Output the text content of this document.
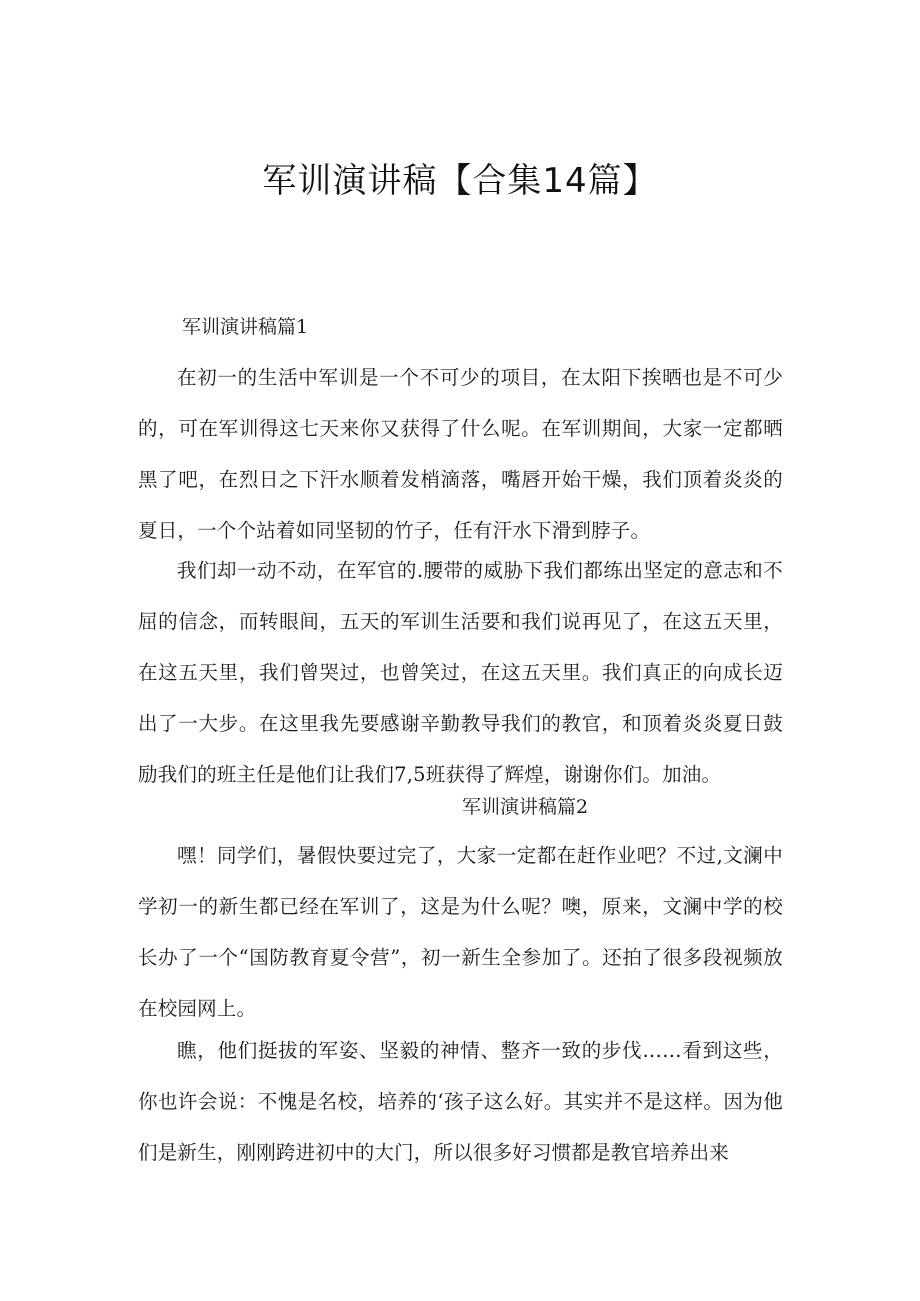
军训演讲稿【合集14篇】
军训演讲稿篇1

在初一的生活中军训是一个不可少的项目，在太阳下挨晒也是不可少的，可在军训得这七天来你又获得了什么呢。在军训期间，大家一定都晒黑了吧，在烈日之下汗水顺着发梢滴落，嘴唇开始干燥，我们顶着炎炎的夏日，一个个站着如同坚韧的竹子，任有汗水下滑到脖子。

我们却一动不动，在军官的.腰带的威胁下我们都练出坚定的意志和不屈的信念，而转眼间，五天的军训生活要和我们说再见了，在这五天里，在这五天里，我们曾哭过，也曾笑过，在这五天里。我们真正的向成长迈出了一大步。在这里我先要感谢辛勤教导我们的教官，和顶着炎炎夏日鼓励我们的班主任是他们让我们7,5班获得了辉煌，谢谢你们。加油。

军训演讲稿篇2

嘿！同学们，暑假快要过完了，大家一定都在赶作业吧？不过,文澜中学初一的新生都已经在军训了，这是为什么呢？噢，原来，文澜中学的校长办了一个“国防教育夏令营”，初一新生全参加了。还拍了很多段视频放在校园网上。

瞧，他们挺拔的军姿、坚毅的神情、整齐一致的步伐……看到这些，你也许会说：不愧是名校，培养的‘孩子这么好。其实并不是这样。因为他们是新生，刚刚跨进初中的大门，所以很多好习惯都是教官培养出来
